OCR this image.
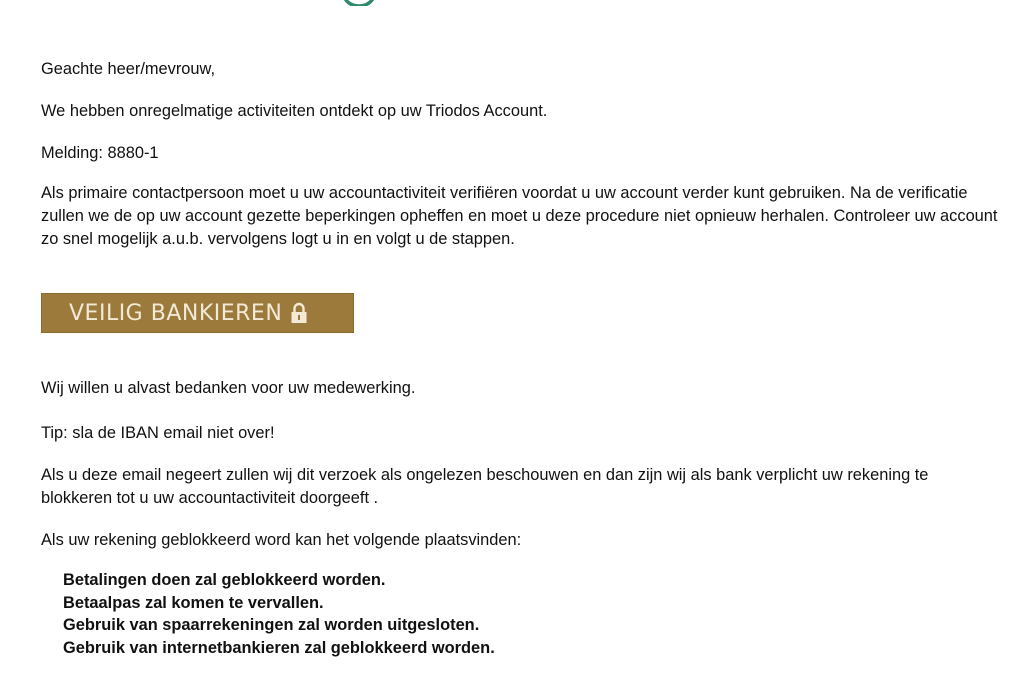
Geachte heer/mevrouw,

We hebben onregelmatige activiteiten ontdekt op uw Triodos Account.

Melding: 8880-1

Als primaire contactpersoon moet u uw accountactiviteit verifiëren voordat u uw account verder kunt gebruiken. Na de verificatie zullen we de op uw account gezette beperkingen opheffen en moet u deze procedure niet opnieuw herhalen. Controleer uw account zo snel mogelijk a.u.b. vervolgens logt u in en volgt u de stappen.

VEILIG BANKIEREN

Wij willen u alvast bedanken voor uw medewerking.

Tip: sla de IBAN email niet over!

Als u deze email negeert zullen wij dit verzoek als ongelezen beschouwen en dan zijn wij als bank verplicht uw rekening te blokkeren tot u uw accountactiviteit doorgeeft .

Als uw rekening geblokkeerd word kan het volgende plaatsvinden:

Betalingen doen zal geblokkeerd worden.
Betaalpas zal komen te vervallen.
Gebruik van spaarrekeningen zal worden uitgesloten.
Gebruik van internetbankieren zal geblokkeerd worden.
